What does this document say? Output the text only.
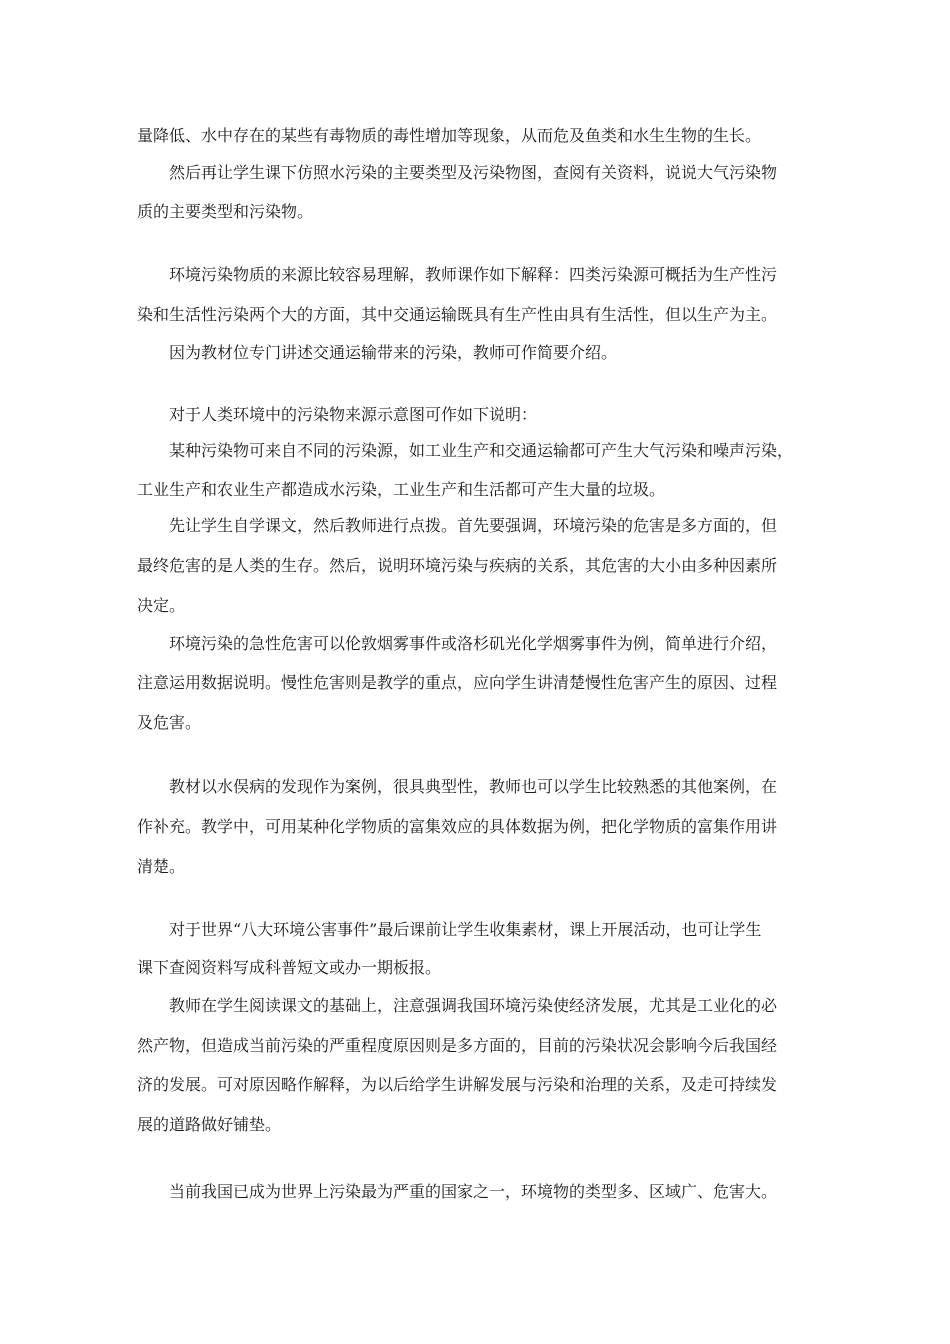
量降低、水中存在的某些有毒物质的毒性增加等现象，从而危及鱼类和水生生物的生长。
然后再让学生课下仿照水污染的主要类型及污染物图，查阅有关资料，说说大气污染物
质的主要类型和污染物。
环境污染物质的来源比较容易理解，教师课作如下解释：四类污染源可概括为生产性污
染和生活性污染两个大的方面，其中交通运输既具有生产性由具有生活性，但以生产为主。
因为教材位专门讲述交通运输带来的污染，教师可作简要介绍。
对于人类环境中的污染物来源示意图可作如下说明：
某种污染物可来自不同的污染源，如工业生产和交通运输都可产生大气污染和噪声污染，
工业生产和农业生产都造成水污染，工业生产和生活都可产生大量的垃圾。
先让学生自学课文，然后教师进行点拨。首先要强调，环境污染的危害是多方面的，但
最终危害的是人类的生存。然后，说明环境污染与疾病的关系，其危害的大小由多种因素所
决定。
环境污染的急性危害可以伦敦烟雾事件或洛杉矶光化学烟雾事件为例，简单进行介绍，
注意运用数据说明。慢性危害则是教学的重点，应向学生讲清楚慢性危害产生的原因、过程
及危害。
教材以水俣病的发现作为案例，很具典型性，教师也可以学生比较熟悉的其他案例，在
作补充。教学中，可用某种化学物质的富集效应的具体数据为例，把化学物质的富集作用讲
清楚。
对于世界“八大环境公害事件”最后课前让学生收集素材，课上开展活动，也可让学生
课下查阅资料写成科普短文或办一期板报。
教师在学生阅读课文的基础上，注意强调我国环境污染使经济发展，尤其是工业化的必
然产物，但造成当前污染的严重程度原因则是多方面的，目前的污染状况会影响今后我国经
济的发展。可对原因略作解释，为以后给学生讲解发展与污染和治理的关系，及走可持续发
展的道路做好铺垫。
当前我国已成为世界上污染最为严重的国家之一，环境物的类型多、区域广、危害大。
